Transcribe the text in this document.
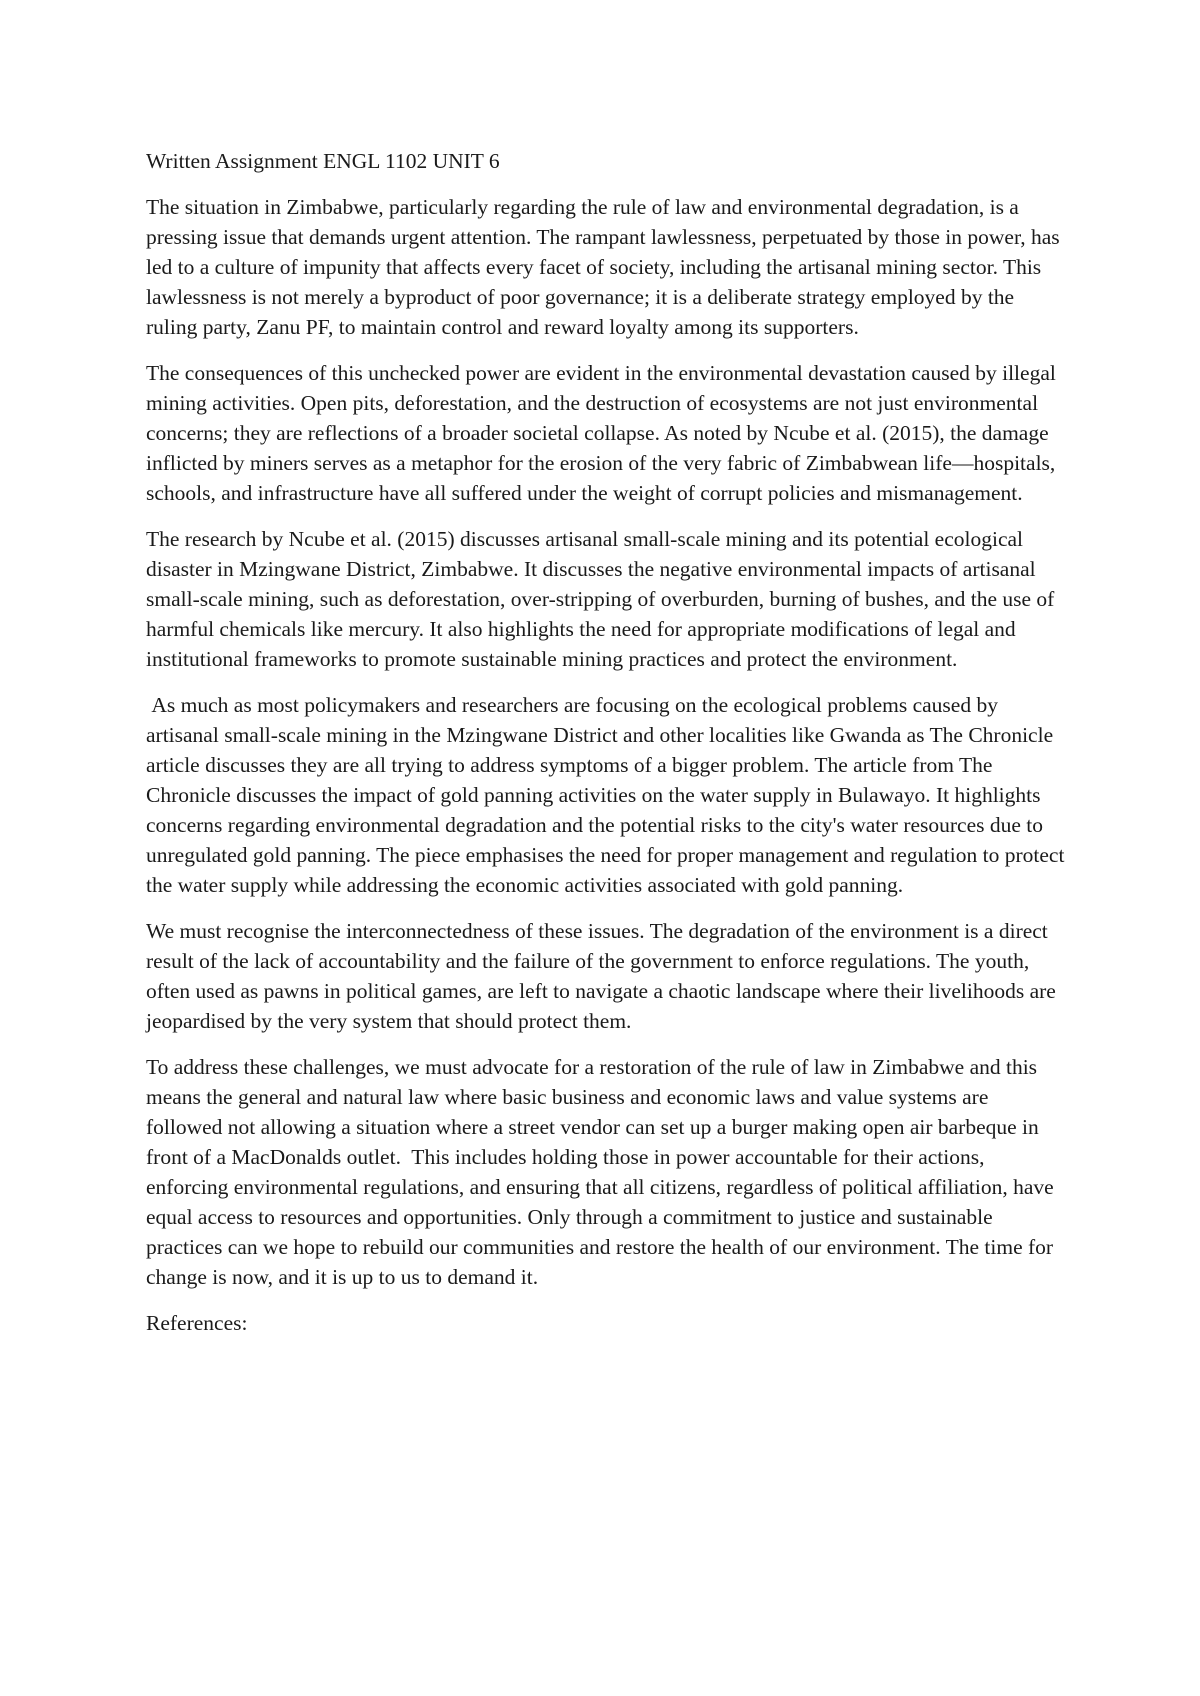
Written Assignment ENGL 1102 UNIT 6

The situation in Zimbabwe, particularly regarding the rule of law and environmental degradation, is a pressing issue that demands urgent attention. The rampant lawlessness, perpetuated by those in power, has led to a culture of impunity that affects every facet of society, including the artisanal mining sector. This lawlessness is not merely a byproduct of poor governance; it is a deliberate strategy employed by the ruling party, Zanu PF, to maintain control and reward loyalty among its supporters.

The consequences of this unchecked power are evident in the environmental devastation caused by illegal mining activities. Open pits, deforestation, and the destruction of ecosystems are not just environmental concerns; they are reflections of a broader societal collapse. As noted by Ncube et al. (2015), the damage inflicted by miners serves as a metaphor for the erosion of the very fabric of Zimbabwean life—hospitals, schools, and infrastructure have all suffered under the weight of corrupt policies and mismanagement.

The research by Ncube et al. (2015) discusses artisanal small-scale mining and its potential ecological disaster in Mzingwane District, Zimbabwe. It discusses the negative environmental impacts of artisanal small-scale mining, such as deforestation, over-stripping of overburden, burning of bushes, and the use of harmful chemicals like mercury. It also highlights the need for appropriate modifications of legal and institutional frameworks to promote sustainable mining practices and protect the environment.

As much as most policymakers and researchers are focusing on the ecological problems caused by artisanal small-scale mining in the Mzingwane District and other localities like Gwanda as The Chronicle article discusses they are all trying to address symptoms of a bigger problem. The article from The Chronicle discusses the impact of gold panning activities on the water supply in Bulawayo. It highlights concerns regarding environmental degradation and the potential risks to the city's water resources due to unregulated gold panning. The piece emphasises the need for proper management and regulation to protect the water supply while addressing the economic activities associated with gold panning.

We must recognise the interconnectedness of these issues. The degradation of the environment is a direct result of the lack of accountability and the failure of the government to enforce regulations. The youth, often used as pawns in political games, are left to navigate a chaotic landscape where their livelihoods are jeopardised by the very system that should protect them.

To address these challenges, we must advocate for a restoration of the rule of law in Zimbabwe and this means the general and natural law where basic business and economic laws and value systems are followed not allowing a situation where a street vendor can set up a burger making open air barbeque in front of a MacDonalds outlet.  This includes holding those in power accountable for their actions, enforcing environmental regulations, and ensuring that all citizens, regardless of political affiliation, have equal access to resources and opportunities. Only through a commitment to justice and sustainable practices can we hope to rebuild our communities and restore the health of our environment. The time for change is now, and it is up to us to demand it.

References:
